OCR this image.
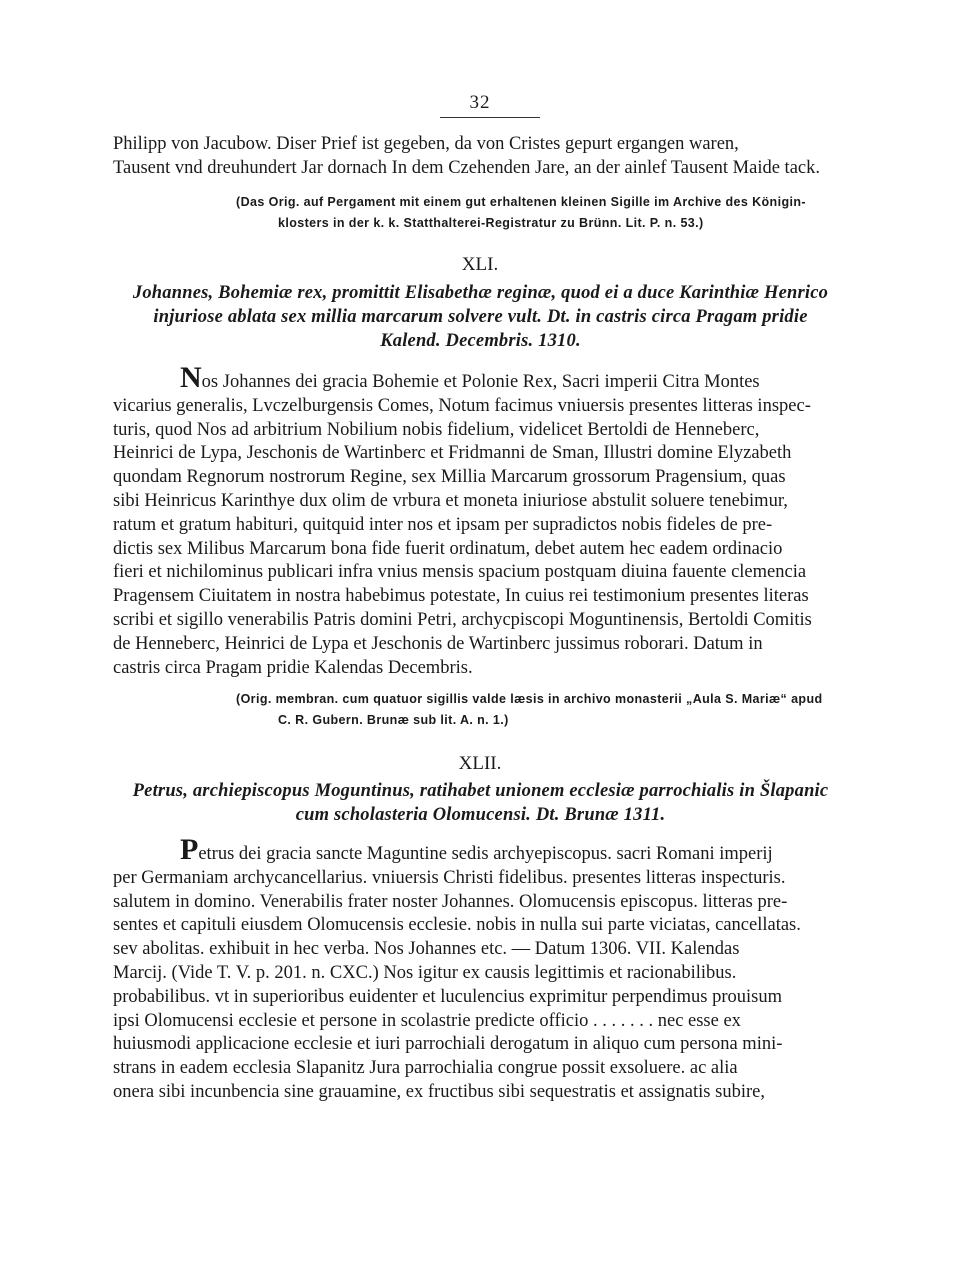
32
Philipp von Jacubow. Diser Prief ist gegeben, da von Cristes gepurt ergangen waren,
Tausent vnd dreuhundert Jar dornach In dem Czehenden Jare, an der ainlef Tausent Maide tack.
(Das Orig. auf Pergament mit einem gut erhaltenen kleinen Sigille im Archive des Königin-
klosters in der k. k. Statthalterei-Registratur zu Brünn. Lit. P. n. 53.)
XLI.
Johannes, Bohemiæ rex, promittit Elisabethæ reginæ, quod ei a duce Karinthiæ Henrico
injuriose ablata sex millia marcarum solvere vult. Dt. in castris circa Pragam pridie
Kalend. Decembris. 1310.
Nos Johannes dei gracia Bohemie et Polonie Rex, Sacri imperii Citra Montes
vicarius generalis, Lvczelburgensis Comes, Notum facimus vniuersis presentes litteras inspec-
turis, quod Nos ad arbitrium Nobilium nobis fidelium, videlicet Bertoldi de Henneberc,
Heinrici de Lypa, Jeschonis de Wartinberc et Fridmanni de Sman, Illustri domine Elyzabeth
quondam Regnorum nostrorum Regine, sex Millia Marcarum grossorum Pragensium, quas
sibi Heinricus Karinthye dux olim de vrbura et moneta iniuriose abstulit soluere tenebimur,
ratum et gratum habituri, quitquid inter nos et ipsam per supradictos nobis fideles de pre-
dictis sex Milibus Marcarum bona fide fuerit ordinatum, debet autem hec eadem ordinacio
fieri et nichilominus publicari infra vnius mensis spacium postquam diuina fauente clemencia
Pragensem Ciuitatem in nostra habebimus potestate, In cuius rei testimonium presentes literas
scribi et sigillo venerabilis Patris domini Petri, archycpiscopi Moguntinensis, Bertoldi Comitis
de Henneberc, Heinrici de Lypa et Jeschonis de Wartinberc jussimus roborari. Datum in
castris circa Pragam pridie Kalendas Decembris.
(Orig. membran. cum quatuor sigillis valde læsis in archivo monasterii „Aula S. Mariæ“ apud
C. R. Gubern. Brunæ sub lit. A. n. 1.)
XLII.
Petrus, archiepiscopus Moguntinus, ratihabet unionem ecclesiæ parrochialis in Šlapanic
cum scholasteria Olomucensi. Dt. Brunæ 1311.
Petrus dei gracia sancte Maguntine sedis archyepiscopus. sacri Romani imperij
per Germaniam archycancellarius. vniuersis Christi fidelibus. presentes litteras inspecturis.
salutem in domino. Venerabilis frater noster Johannes. Olomucensis episcopus. litteras pre-
sentes et capituli eiusdem Olomucensis ecclesie. nobis in nulla sui parte viciatas, cancellatas.
sev abolitas. exhibuit in hec verba. Nos Johannes etc. — Datum 1306. VII. Kalendas
Marcij. (Vide T. V. p. 201. n. CXC.) Nos igitur ex causis legittimis et racionabilibus.
probabilibus. vt in superioribus euidenter et luculencius exprimitur perpendimus prouisum
ipsi Olomucensi ecclesie et persone in scolastrie predicte officio . . . . . . . nec esse ex
huiusmodi applicacione ecclesie et iuri parrochiali derogatum in aliquo cum persona mini-
strans in eadem ecclesia Slapanitz Jura parrochialia congrue possit exsoluere. ac alia
onera sibi incunbencia sine grauamine, ex fructibus sibi sequestratis et assignatis subire,
